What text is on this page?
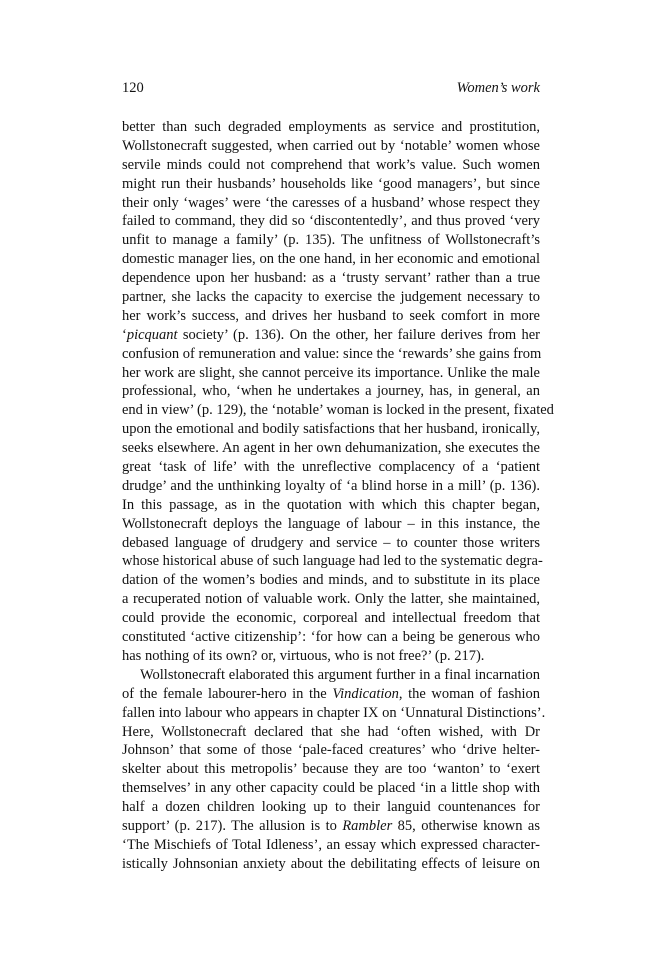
120	Women’s work
better than such degraded employments as service and prostitution,
Wollstonecraft suggested, when carried out by ‘notable’ women whose
servile minds could not comprehend that work’s value. Such women
might run their husbands’ households like ‘good managers’, but since
their only ‘wages’ were ‘the caresses of a husband’ whose respect they
failed to command, they did so ‘discontentedly’, and thus proved ‘very
unfit to manage a family’ (p. 135). The unfitness of Wollstonecraft’s
domestic manager lies, on the one hand, in her economic and emotional
dependence upon her husband: as a ‘trusty servant’ rather than a true
partner, she lacks the capacity to exercise the judgement necessary to
her work’s success, and drives her husband to seek comfort in more
‘picquant society’ (p. 136). On the other, her failure derives from her
confusion of remuneration and value: since the ‘rewards’ she gains from
her work are slight, she cannot perceive its importance. Unlike the male
professional, who, ‘when he undertakes a journey, has, in general, an
end in view’ (p. 129), the ‘notable’ woman is locked in the present, fixated
upon the emotional and bodily satisfactions that her husband, ironically,
seeks elsewhere. An agent in her own dehumanization, she executes the
great ‘task of life’ with the unreflective complacency of a ‘patient
drudge’ and the unthinking loyalty of ‘a blind horse in a mill’ (p. 136).
In this passage, as in the quotation with which this chapter began,
Wollstonecraft deploys the language of labour – in this instance, the
debased language of drudgery and service – to counter those writers
whose historical abuse of such language had led to the systematic degra-
dation of the women’s bodies and minds, and to substitute in its place
a recuperated notion of valuable work. Only the latter, she maintained,
could provide the economic, corporeal and intellectual freedom that
constituted ‘active citizenship’: ‘for how can a being be generous who
has nothing of its own? or, virtuous, who is not free?’ (p. 217).
Wollstonecraft elaborated this argument further in a final incarnation
of the female labourer-hero in the Vindication, the woman of fashion
fallen into labour who appears in chapter IX on ‘Unnatural Distinctions’.
Here, Wollstonecraft declared that she had ‘often wished, with Dr
Johnson’ that some of those ‘pale-faced creatures’ who ‘drive helter-
skelter about this metropolis’ because they are too ‘wanton’ to ‘exert
themselves’ in any other capacity could be placed ‘in a little shop with
half a dozen children looking up to their languid countenances for
support’ (p. 217). The allusion is to Rambler 85, otherwise known as
‘The Mischiefs of Total Idleness’, an essay which expressed character-
istically Johnsonian anxiety about the debilitating effects of leisure on
